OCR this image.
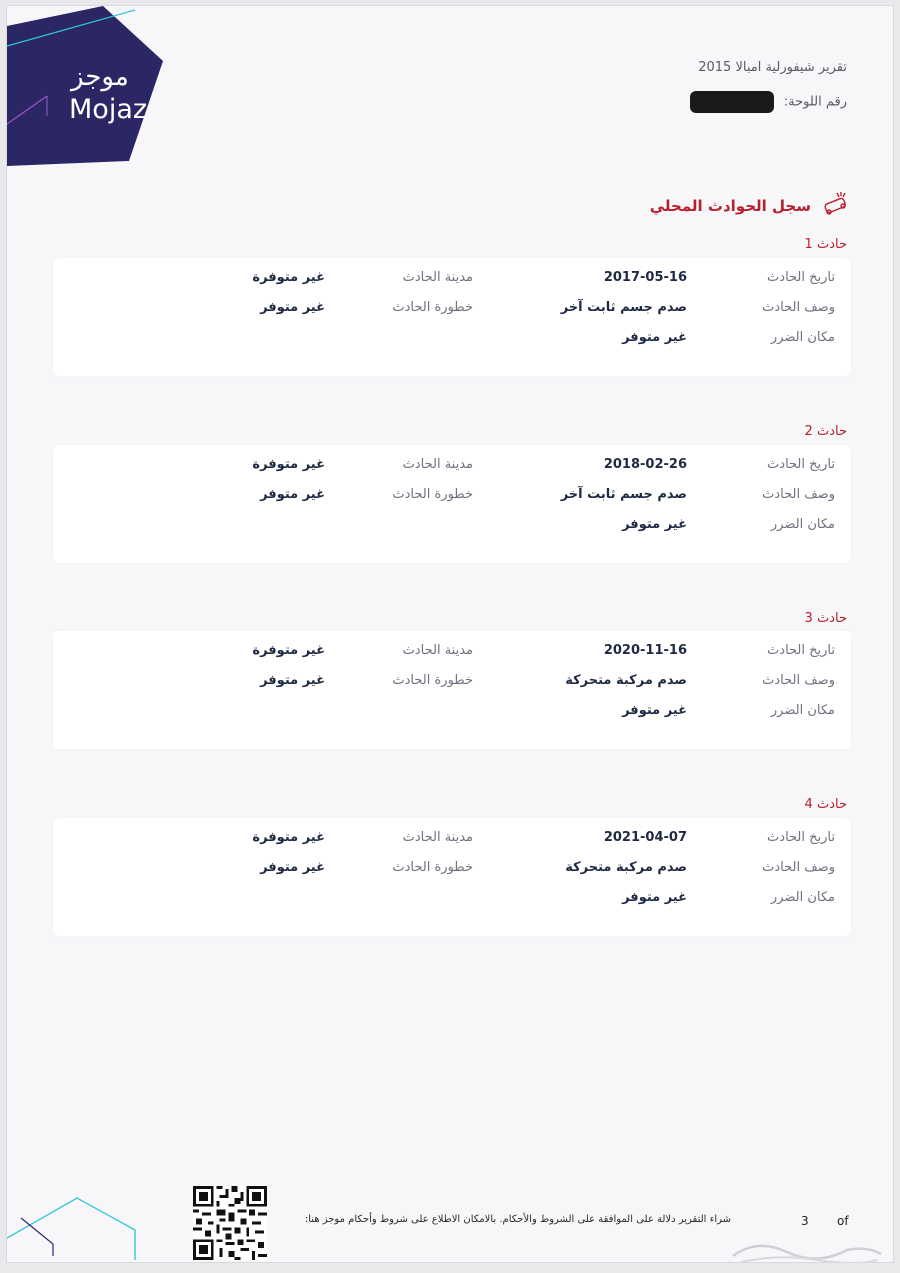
موجز
Mojaz
تقرير شيفورلية امبالا 2015
رقم اللوحة:
سجل الحوادث المحلي
حادث 1
تاريخ الحادث
2017-05-16
مدينة الحادث
غير متوفرة
وصف الحادث
صدم جسم ثابت آخر
خطورة الحادث
غير متوفر
مكان الضرر
غير متوفر
حادث 2
تاريخ الحادث
2018-02-26
مدينة الحادث
غير متوفرة
وصف الحادث
صدم جسم ثابت آخر
خطورة الحادث
غير متوفر
مكان الضرر
غير متوفر
حادث 3
تاريخ الحادث
2020-11-16
مدينة الحادث
غير متوفرة
وصف الحادث
صدم مركبة متحركة
خطورة الحادث
غير متوفر
مكان الضرر
غير متوفر
حادث 4
تاريخ الحادث
2021-04-07
مدينة الحادث
غير متوفرة
وصف الحادث
صدم مركبة متحركة
خطورة الحادث
غير متوفر
مكان الضرر
غير متوفر
شراء التقرير دلالة على الموافقة على الشروط والأحكام. بالامكان الاطلاع على شروط وأحكام موجز هنا:	3 of
